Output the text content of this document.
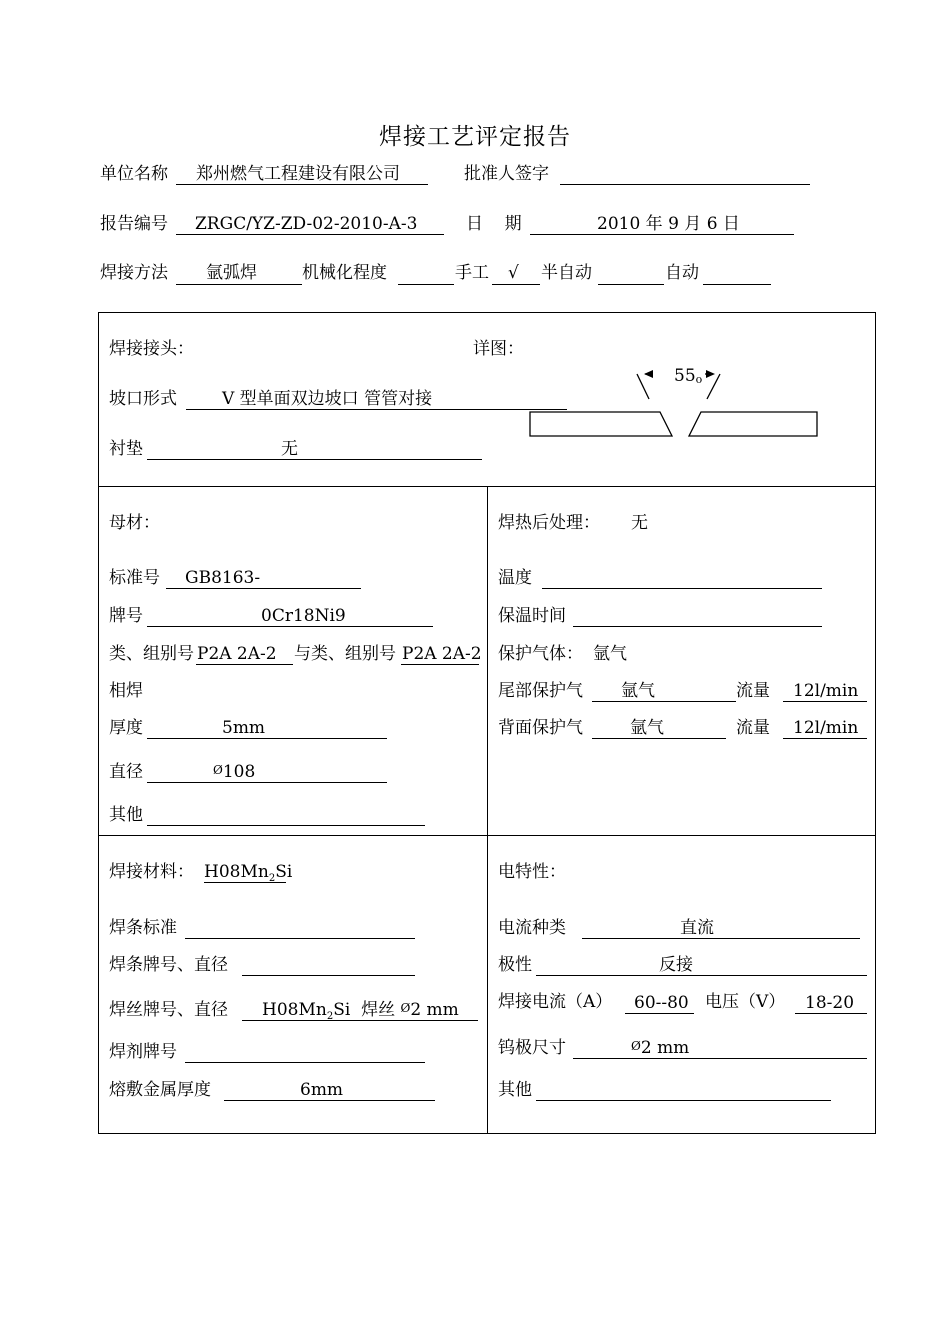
焊接工艺评定报告
单位名称 郑州燃气工程建设有限公司	批准人签字
报告编号 ZRGC/YZ-ZD-02-2010-A-3	日    期	2010 年 9 月 6 日
焊接方法 氩弧焊	机械化程度	手工 √ 半自动	自动
焊接接头：	详图：
坡口形式	V 型单面双边坡口 管管对接
衬垫	无
55o
母材：
标准号 GB8163-
牌号	0Cr18Ni9
类、组别号 P2A 2A-2 与类、组别号 P2A 2A-2
相焊
厚度	5mm
直径	Ø108
其他
焊热后处理： 无
温度
保温时间
保护气体： 氩气
尾部保护气 氩气	流量 12l/min
背面保护气	氩气	流量 12l/min
焊接材料： $H08Mn_2Si$
焊条标准
焊条牌号、直径
焊丝牌号、直径 $H08Mn_2Si$  焊丝 Ø2 mm
焊剂牌号
熔敷金属厚度	6mm
电特性：
电流种类	直流
极性	反接
焊接电流（A） 60--80 电压（V） 18-20
钨极尺寸	Ø2 mm
其他
